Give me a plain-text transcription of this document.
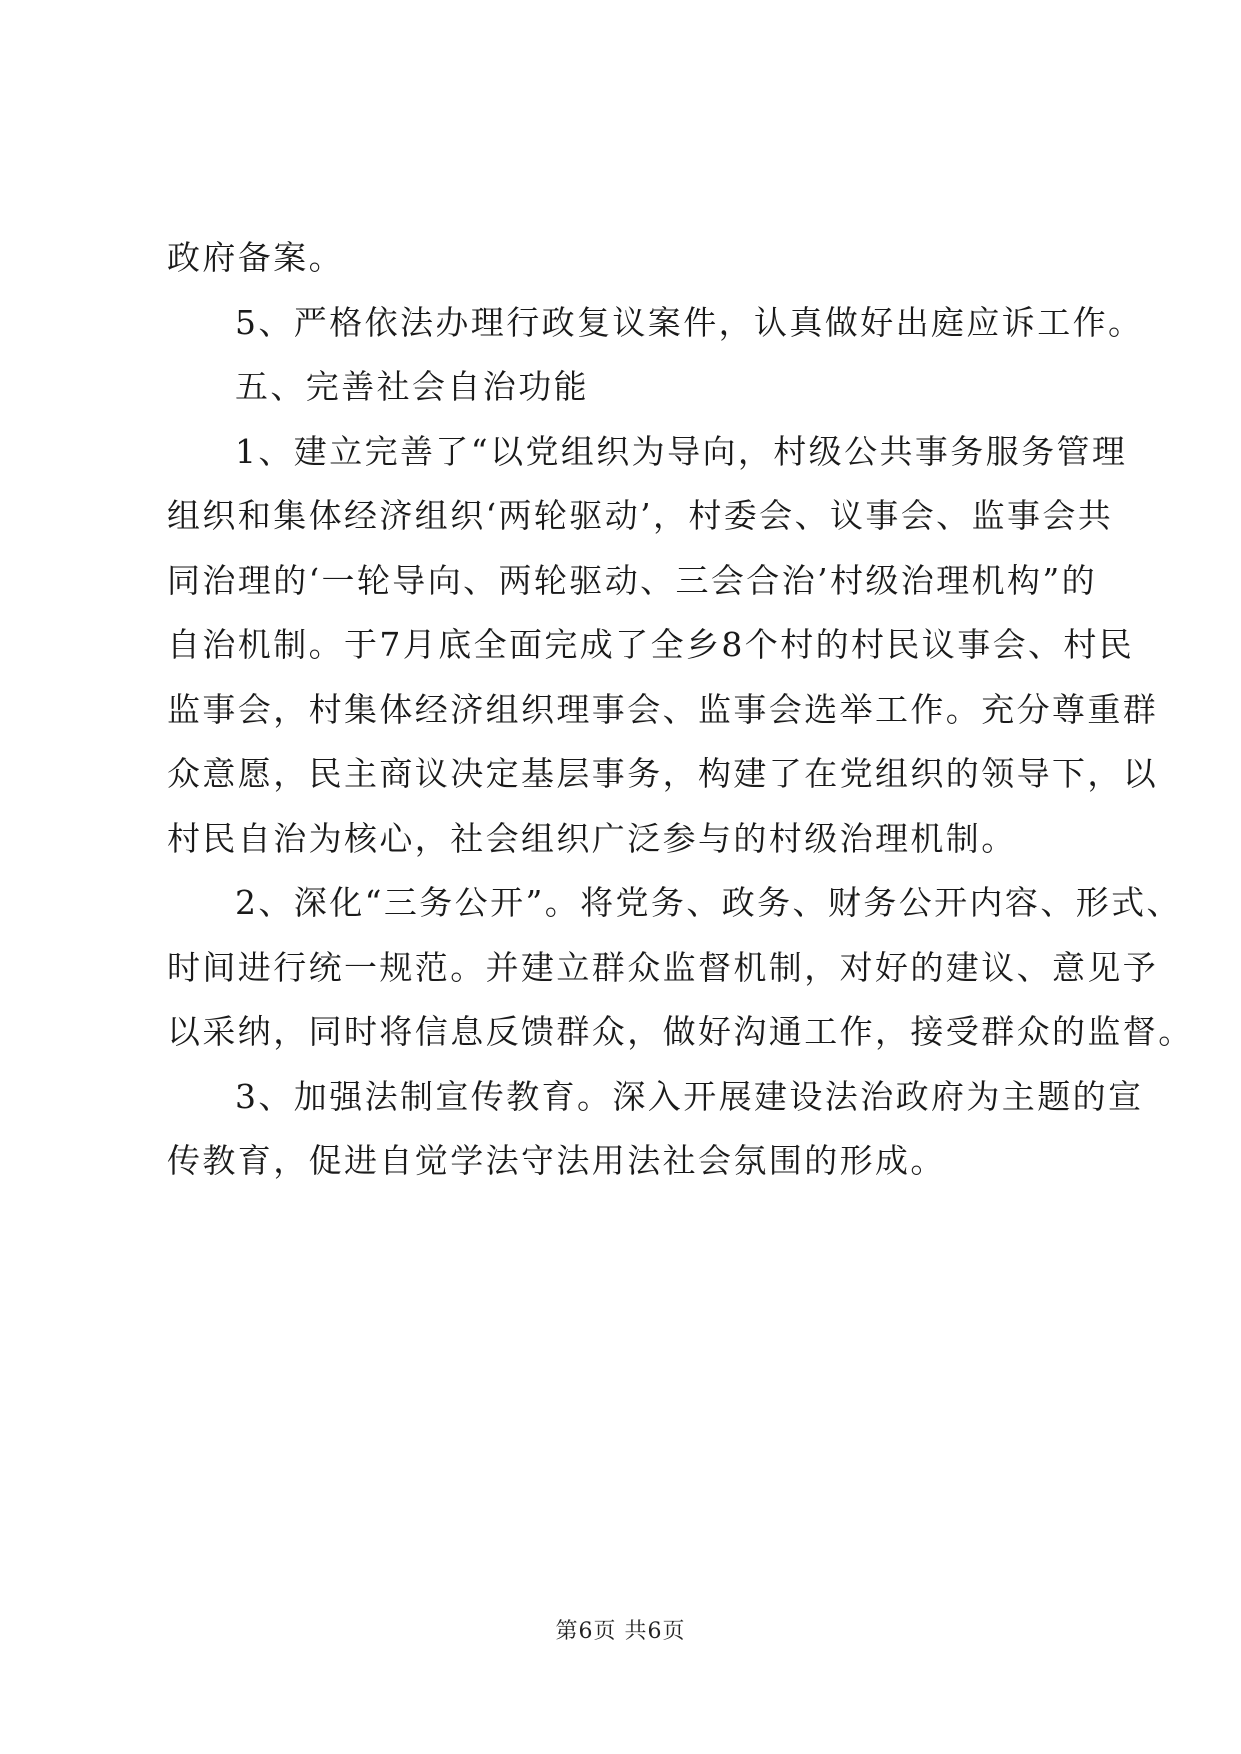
政府备案。
5、严格依法办理行政复议案件，认真做好出庭应诉工作。
五、完善社会自治功能
1、建立完善了“以党组织为导向，村级公共事务服务管理
组织和集体经济组织‘两轮驱动’，村委会、议事会、监事会共
同治理的‘一轮导向、两轮驱动、三会合治’村级治理机构”的
自治机制。于7月底全面完成了全乡8个村的村民议事会、村民
监事会，村集体经济组织理事会、监事会选举工作。充分尊重群
众意愿，民主商议决定基层事务，构建了在党组织的领导下，以
村民自治为核心，社会组织广泛参与的村级治理机制。
2、深化“三务公开”。将党务、政务、财务公开内容、形式、
时间进行统一规范。并建立群众监督机制，对好的建议、意见予
以采纳，同时将信息反馈群众，做好沟通工作，接受群众的监督。
3、加强法制宣传教育。深入开展建设法治政府为主题的宣
传教育，促进自觉学法守法用法社会氛围的形成。
第6页 共6页
